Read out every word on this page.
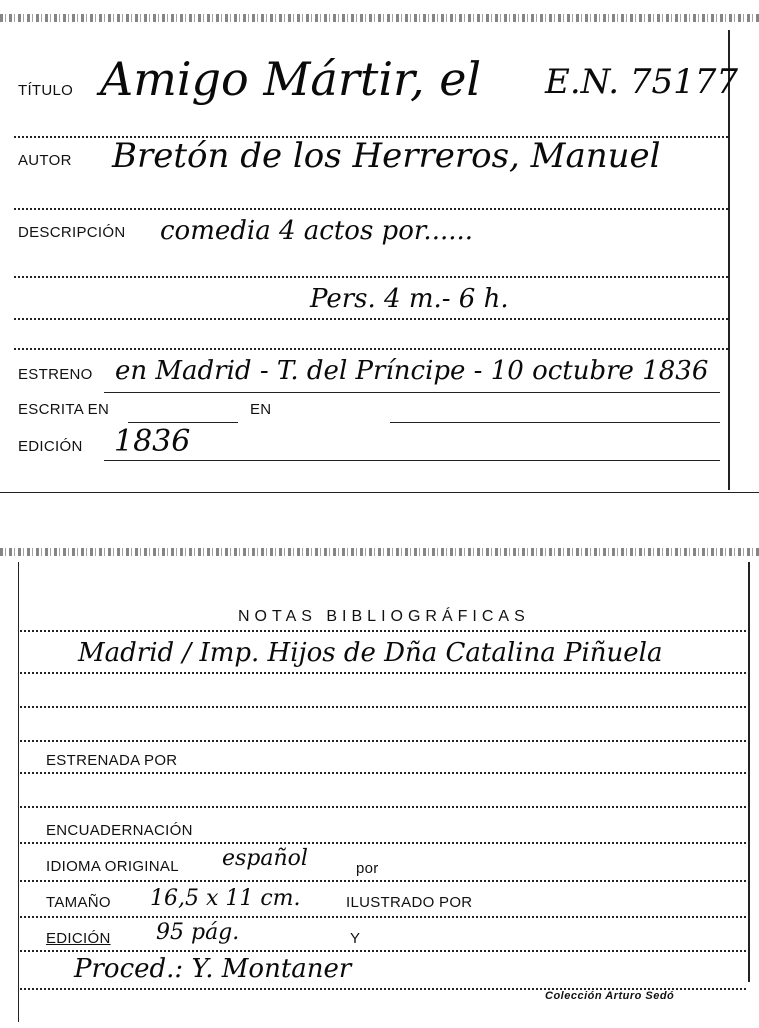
TÍTULO Amigo Mártir, el E.N. 75177
AUTOR Bretón de los Herreros, Manuel
DESCRIPCIÓN comedia 4 actos por......
Pers. 4 m.- 6 h.
ESTRENO en Madrid - T. del Príncipe - 10 octubre 1836
ESCRITA EN	EN
EDICIÓN 1836
NOTAS BIBLIOGRÁFICAS
Madrid / Imp. Hijos de Dña Catalina Piñuela
ESTRENADA POR
ENCUADERNACIÓN
IDIOMA ORIGINAL español	por
TAMAÑO 16,5 x 11 cm.	ILUSTRADO POR
EDICIÓN 95 pág.	Y
Proced.: Y. Montaner
Colección Arturo Sedó
